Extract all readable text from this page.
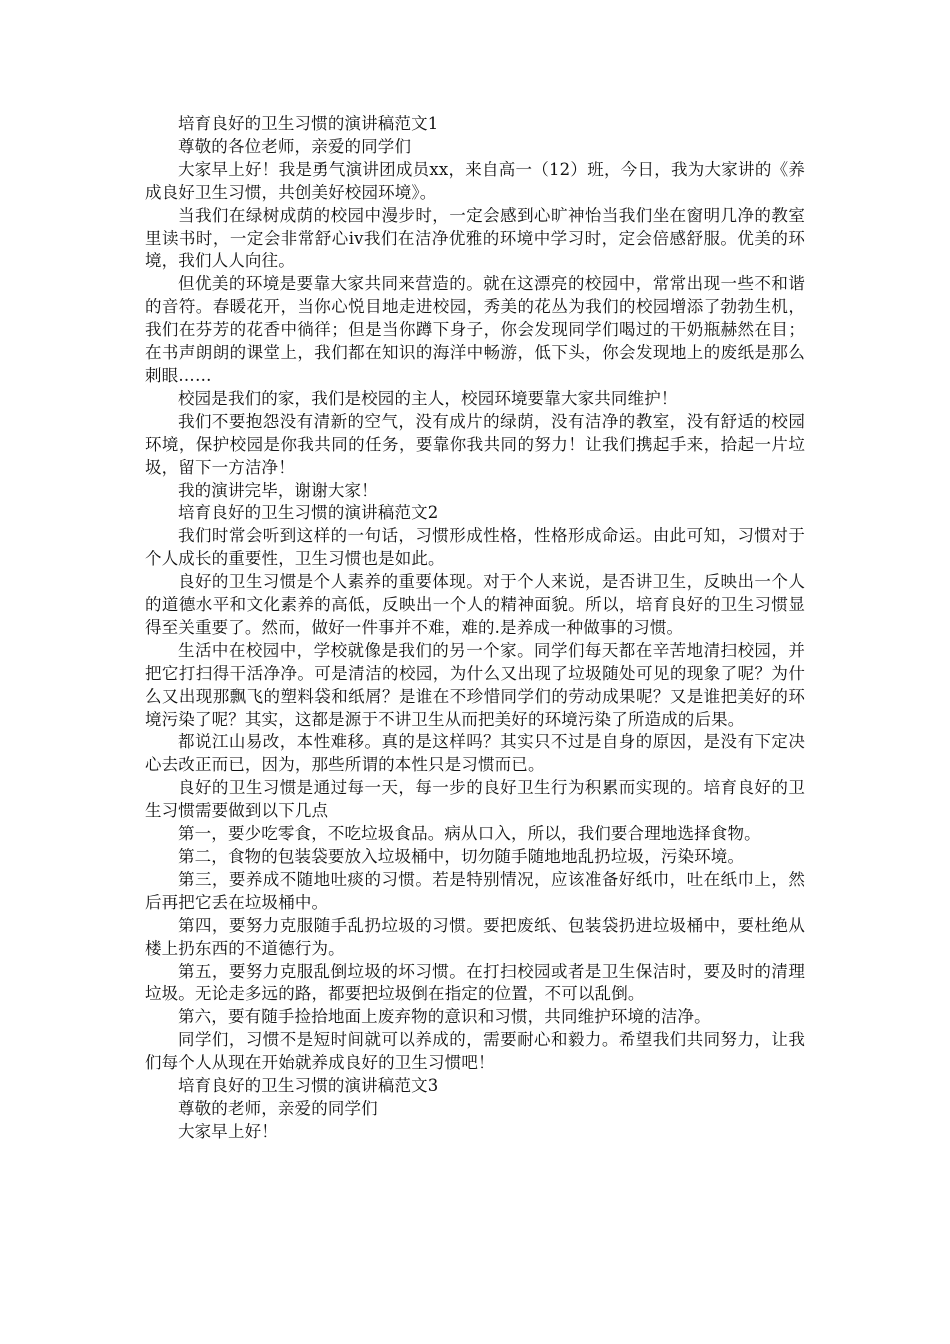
培育良好的卫生习惯的演讲稿范文1

尊敬的各位老师，亲爱的同学们

大家早上好！我是勇气演讲团成员xx，来自高一（12）班，今日，我为大家讲的《养成良好卫生习惯，共创美好校园环境》。

当我们在绿树成荫的校园中漫步时，一定会感到心旷神怡当我们坐在窗明几净的教室里读书时，一定会非常舒心iv我们在洁净优雅的环境中学习时，定会倍感舒服。优美的环境，我们人人向往。

但优美的环境是要靠大家共同来营造的。就在这漂亮的校园中，常常出现一些不和谐的音符。春暖花开，当你心悦目地走进校园，秀美的花丛为我们的校园增添了勃勃生机，我们在芬芳的花香中徜徉；但是当你蹲下身子，你会发现同学们喝过的干奶瓶赫然在目；在书声朗朗的课堂上，我们都在知识的海洋中畅游，低下头，你会发现地上的废纸是那么刺眼……

校园是我们的家，我们是校园的主人，校园环境要靠大家共同维护！

我们不要抱怨没有清新的空气，没有成片的绿荫，没有洁净的教室，没有舒适的校园环境，保护校园是你我共同的任务，要靠你我共同的努力！让我们携起手来，拾起一片垃圾，留下一方洁净！

我的演讲完毕，谢谢大家！

培育良好的卫生习惯的演讲稿范文2

我们时常会听到这样的一句话，习惯形成性格，性格形成命运。由此可知，习惯对于个人成长的重要性，卫生习惯也是如此。

良好的卫生习惯是个人素养的重要体现。对于个人来说，是否讲卫生，反映出一个人的道德水平和文化素养的高低，反映出一个人的精神面貌。所以，培育良好的卫生习惯显得至关重要了。然而，做好一件事并不难，难的.是养成一种做事的习惯。

生活中在校园中，学校就像是我们的另一个家。同学们每天都在辛苦地清扫校园，并把它打扫得干活净净。可是清洁的校园，为什么又出现了垃圾随处可见的现象了呢？为什么又出现那飘飞的塑料袋和纸屑？是谁在不珍惜同学们的劳动成果呢？又是谁把美好的环境污染了呢？其实，这都是源于不讲卫生从而把美好的环境污染了所造成的后果。

都说江山易改，本性难移。真的是这样吗？其实只不过是自身的原因，是没有下定决心去改正而已，因为，那些所谓的本性只是习惯而已。

良好的卫生习惯是通过每一天，每一步的良好卫生行为积累而实现的。培育良好的卫生习惯需要做到以下几点

第一，要少吃零食，不吃垃圾食品。病从口入，所以，我们要合理地选择食物。

第二，食物的包装袋要放入垃圾桶中，切勿随手随地地乱扔垃圾，污染环境。

第三，要养成不随地吐痰的习惯。若是特别情况，应该准备好纸巾，吐在纸巾上，然后再把它丢在垃圾桶中。

第四，要努力克服随手乱扔垃圾的习惯。要把废纸、包装袋扔进垃圾桶中，要杜绝从楼上扔东西的不道德行为。

第五，要努力克服乱倒垃圾的坏习惯。在打扫校园或者是卫生保洁时，要及时的清理垃圾。无论走多远的路，都要把垃圾倒在指定的位置，不可以乱倒。

第六，要有随手捡拾地面上废弃物的意识和习惯，共同维护环境的洁净。

同学们，习惯不是短时间就可以养成的，需要耐心和毅力。希望我们共同努力，让我们每个人从现在开始就养成良好的卫生习惯吧！

培育良好的卫生习惯的演讲稿范文3

尊敬的老师，亲爱的同学们

大家早上好！
